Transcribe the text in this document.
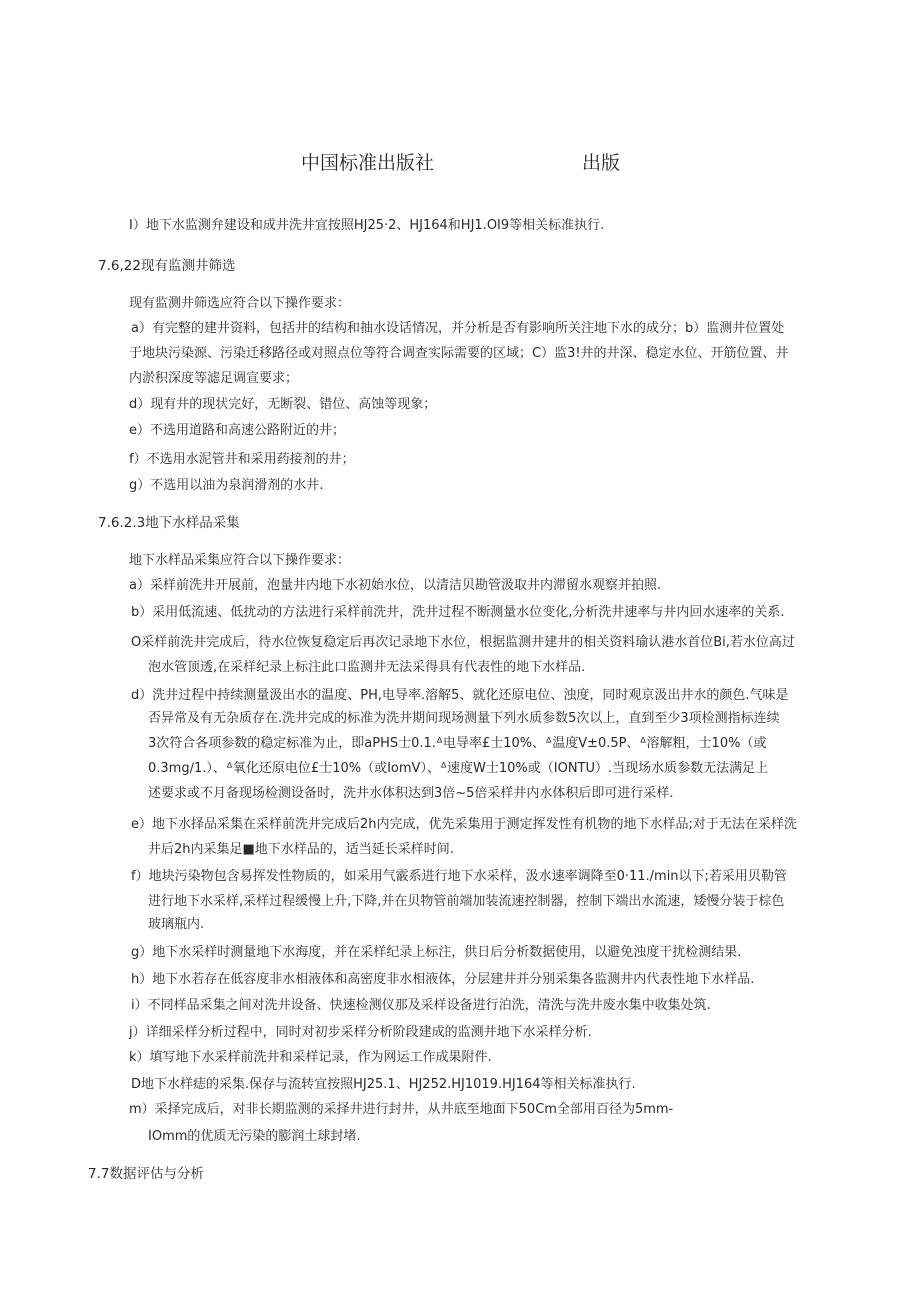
中国标准出版社	出版
I）地下水监测弁建设和成井洗井宜按照HJ25·2、HJ164和HJ1.OI9等相关标准执行.
7.6,22现有监测井筛选
现有监测井筛选应符合以下操作要求：
a）有完整的建井资料，包括井的结构和抽水设话情况，并分析是否有影响所关注地下水的成分；b）监测井位置处
于地块污染源、污染迁移路径或对照点位等符合调查实际需要的区域；C）监3!井的井深、稳定水位、开筋位置、井
内淤积深度等滤足调宣要求；
d）现有井的现状完好，无断裂、错位、高蚀等现象；
e）不选用道路和高速公路附近的井；
f）不选用水泥管井和采用药接剂的井；
g）不选用以油为泉润滑剂的水井.
7.6.2.3地下水样品采集
地下水样品采集应符合以下操作要求：
a）采样前洗井开展前，泡量井内地下水初始水位，以清洁贝勘管汲取井内滞留水观察并拍照.
b）采用低流速、低扰动的方法进行采样前洗井，洗井过程不断测量水位变化,分析洗井速率与井内回水速率的关系.
O采样前洗井完成后，待水位恢复稳定后再次记录地下水位，根据监测井建井的相关资料瑜认港水首位Bi,若水位高过
泡水管顶透,在采样纪录上标注此口监测井无法采得具有代表性的地下水样品.
d）洗井过程中持续测量汲出水的温度、PH,电导率.溶解5、就化还原电位、浊度，同时观京汲出井水的颜色.气味是
否异常及有无杂质存在.洗井完成的标准为洗井期间现场测量下列水质参数5次以上，直到至少3项检测指标连续
3次符合各项参数的稳定标准为止，即aPHS士0.1.ᐞ电导率£士10%、ᐞ温度V±0.5P、ᐞ溶解粗，士10%（或
0.3mg∕1.）、ᐞ氧化还原电位£士10%（或IomV）、ᐞ速度W士10%或（IONTU）.当现场水质参数无法满足上
述要求或不月备现场检测设备时，洗井水体积达到3倍~5倍采样井内水体积后即可进行采样.
e）地下水择品采集在采样前洗井完成后2h内完成，优先采集用于测定挥发性有机物的地下水样品;对于无法在采样洗
井后2h内采集足■地下水样品的，适当延长采样时间.
f）地块污染物包含易挥发性物质的，如采用气霰系进行地下水采样，汲水速率调降至0·11./min以下;若采用贝勒管
进行地下水采样,采样过程缓慢上升,下降,并在贝物管前端加装流速控制器，控制下端出水流速，矮慢分装于棕色
玻璃瓶内.
g）地下水采样时测量地下水海度，并在采样纪录上标注，供日后分析数据使用，以避免浊度干扰检测结果.
h）地下水若存在低容度非水相液体和高密度非水相液体，分层建井并分别采集各监测井内代表性地下水样品.
i）不同样品采集之间对洗井设备、快速检测仪那及采样设备进行泊洗，清洗与洗井废水集中收集处筑.
j）详细采样分析过程中，同时对初步采样分析阶段建成的监测井地下水采样分析.
k）填写地下水采样前洗井和采样记录，作为网运工作成果附件.
D地下水样痣的采集.保存与流转宜按照HJ25.1、HJ252.HJ1019.HJ164等相关标准执行.
m）采择完成后，对非长期监测的采择井进行封井，从井底至地面下50Cm全部用百径为5mm-
IOmm的优质无污染的膨润土球封堵.
7.7数据评估与分析
